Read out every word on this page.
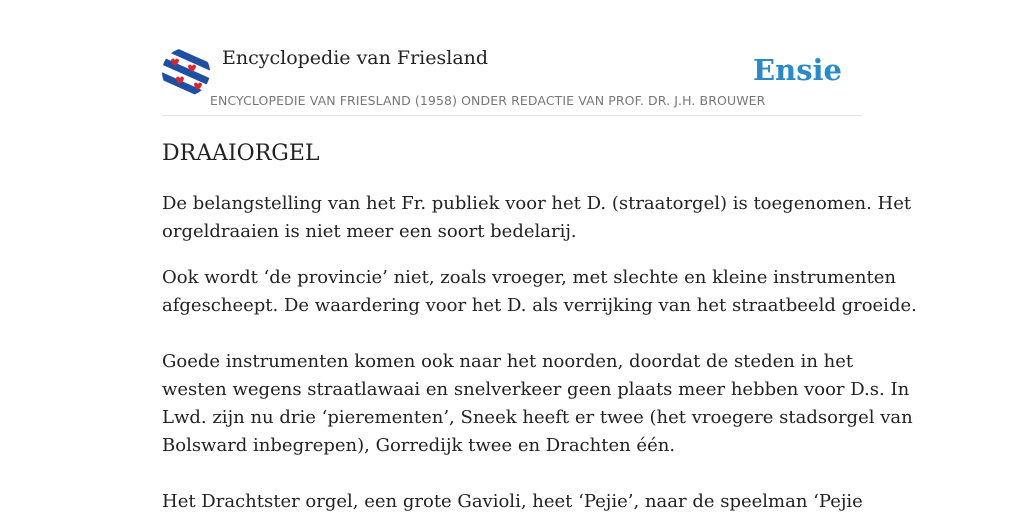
Encyclopedie van Friesland	Ensie
ENCYCLOPEDIE VAN FRIESLAND (1958) ONDER REDACTIE VAN PROF. DR. J.H. BROUWER
DRAAIORGEL

De belangstelling van het Fr. publiek voor het D. (straatorgel) is toegenomen. Het
orgeldraaien is niet meer een soort bedelarij.

Ook wordt ‘de provincie’ niet, zoals vroeger, met slechte en kleine instrumenten
afgescheept. De waardering voor het D. als verrijking van het straatbeeld groeide.
Goede instrumenten komen ook naar het noorden, doordat de steden in het
westen wegens straatlawaai en snelverkeer geen plaats meer hebben voor D.s. In
Lwd. zijn nu drie ‘pierementen’, Sneek heeft er twee (het vroegere stadsorgel van
Bolsward inbegrepen), Gorredijk twee en Drachten één.
Het Drachtster orgel, een grote Gavioli, heet ‘Pejie’, naar de speelman ‘Pejie
